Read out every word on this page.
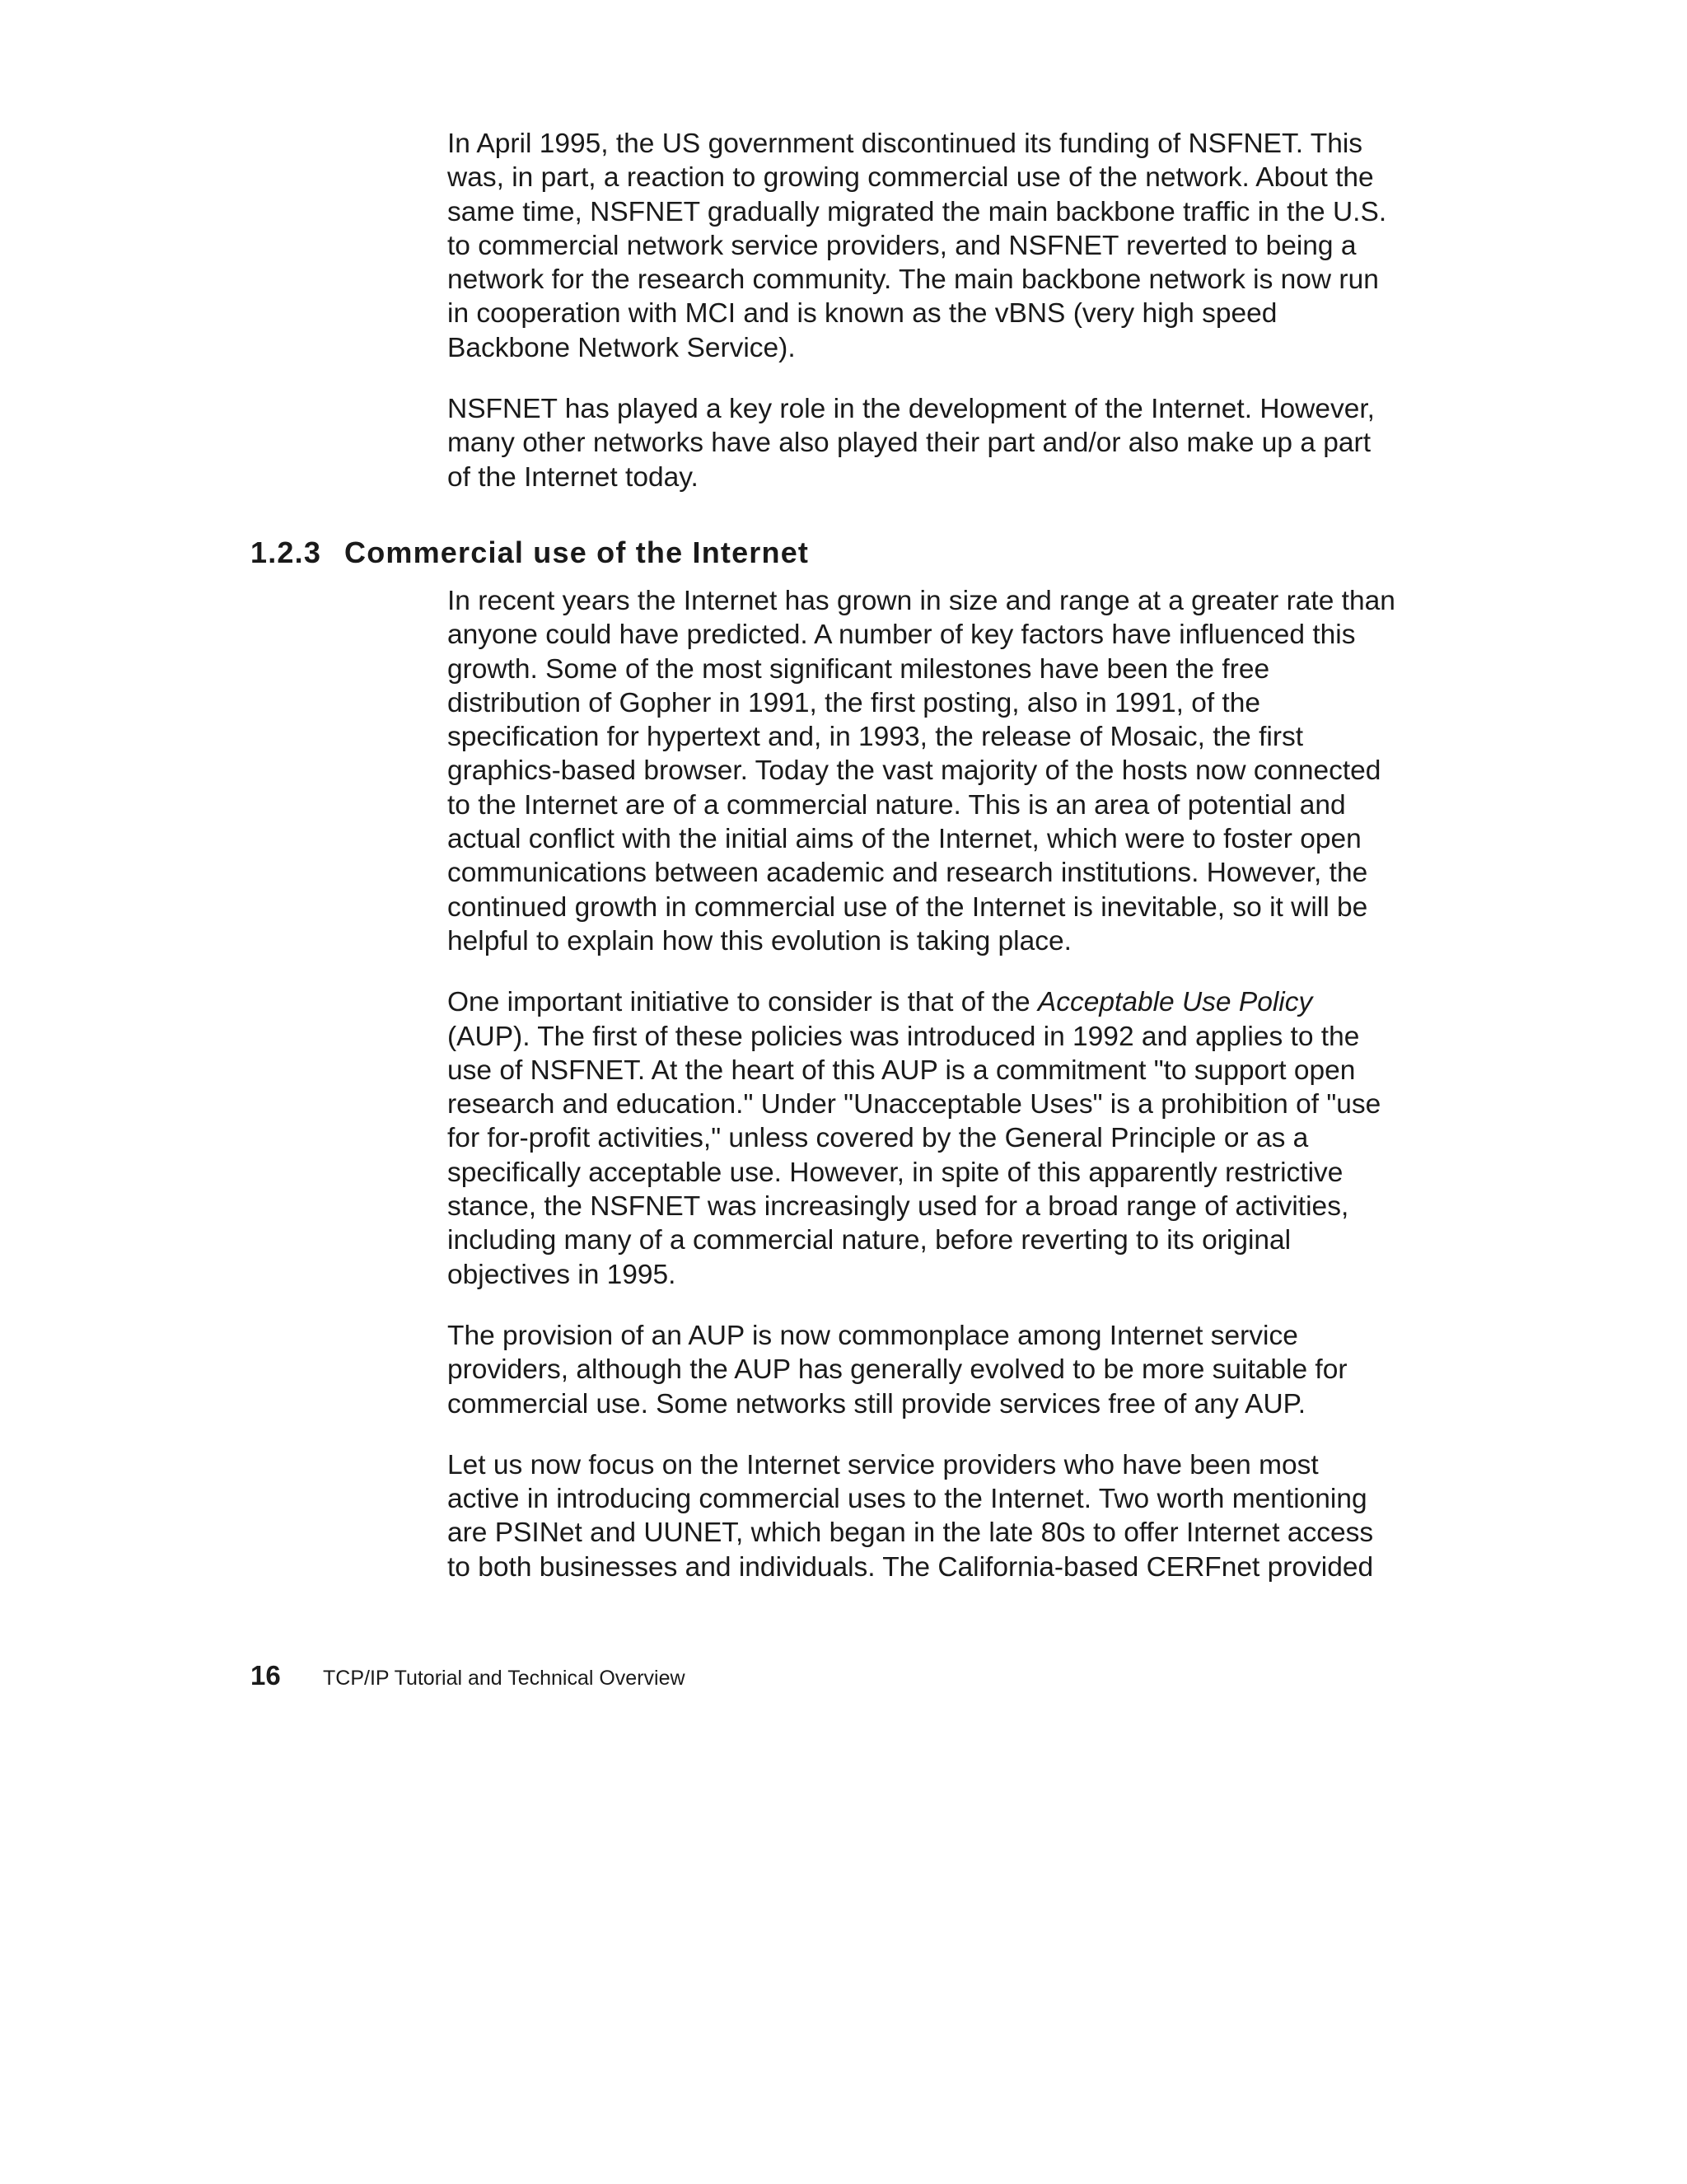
In April 1995, the US government discontinued its funding of NSFNET. This
was, in part, a reaction to growing commercial use of the network. About the
same time, NSFNET gradually migrated the main backbone traffic in the U.S.
to commercial network service providers, and NSFNET reverted to being a
network for the research community. The main backbone network is now run
in cooperation with MCI and is known as the vBNS (very high speed
Backbone Network Service).

NSFNET has played a key role in the development of the Internet. However,
many other networks have also played their part and/or also make up a part
of the Internet today.

1.2.3 Commercial use of the Internet

In recent years the Internet has grown in size and range at a greater rate than
anyone could have predicted. A number of key factors have influenced this
growth. Some of the most significant milestones have been the free
distribution of Gopher in 1991, the first posting, also in 1991, of the
specification for hypertext and, in 1993, the release of Mosaic, the first
graphics-based browser. Today the vast majority of the hosts now connected
to the Internet are of a commercial nature. This is an area of potential and
actual conflict with the initial aims of the Internet, which were to foster open
communications between academic and research institutions. However, the
continued growth in commercial use of the Internet is inevitable, so it will be
helpful to explain how this evolution is taking place.

One important initiative to consider is that of the Acceptable Use Policy
(AUP). The first of these policies was introduced in 1992 and applies to the
use of NSFNET. At the heart of this AUP is a commitment "to support open
research and education." Under "Unacceptable Uses" is a prohibition of "use
for for-profit activities," unless covered by the General Principle or as a
specifically acceptable use. However, in spite of this apparently restrictive
stance, the NSFNET was increasingly used for a broad range of activities,
including many of a commercial nature, before reverting to its original
objectives in 1995.

The provision of an AUP is now commonplace among Internet service
providers, although the AUP has generally evolved to be more suitable for
commercial use. Some networks still provide services free of any AUP.

Let us now focus on the Internet service providers who have been most
active in introducing commercial uses to the Internet. Two worth mentioning
are PSINet and UUNET, which began in the late 80s to offer Internet access
to both businesses and individuals. The California-based CERFnet provided

16 TCP/IP Tutorial and Technical Overview
